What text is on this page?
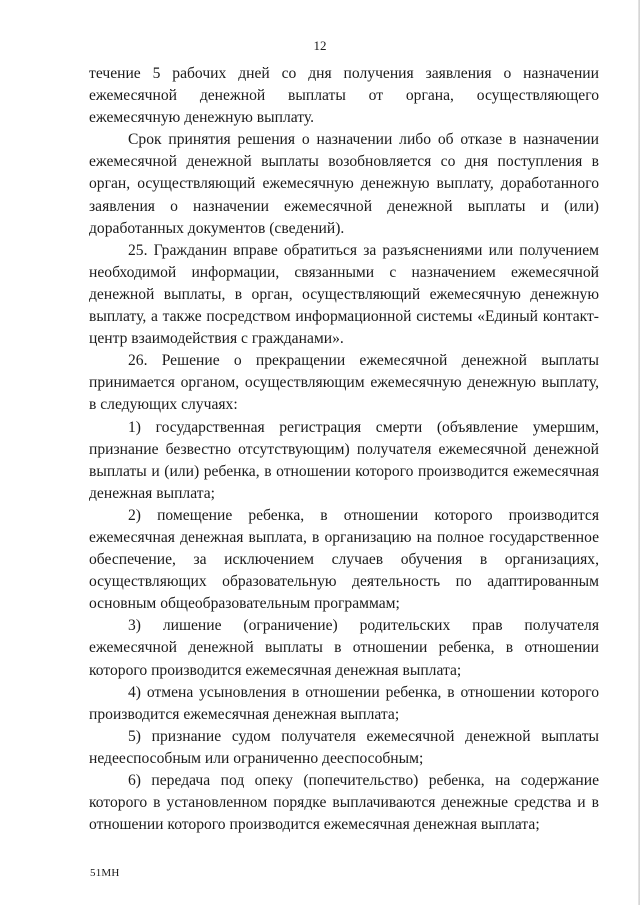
12

течение 5 рабочих дней со дня получения заявления о назначении ежемесячной денежной выплаты от органа, осуществляющего ежемесячную денежную выплату.

Срок принятия решения о назначении либо об отказе в назначении ежемесячной денежной выплаты возобновляется со дня поступления в орган, осуществляющий ежемесячную денежную выплату, доработанного заявления о назначении ежемесячной денежной выплаты и (или) доработанных документов (сведений).

25. Гражданин вправе обратиться за разъяснениями или получением необходимой информации, связанными с назначением ежемесячной денежной выплаты, в орган, осуществляющий ежемесячную денежную выплату, а также посредством информационной системы «Единый контакт-центр взаимодействия с гражданами».

26. Решение о прекращении ежемесячной денежной выплаты принимается органом, осуществляющим ежемесячную денежную выплату, в следующих случаях:

1) государственная регистрация смерти (объявление умершим, признание безвестно отсутствующим) получателя ежемесячной денежной выплаты и (или) ребенка, в отношении которого производится ежемесячная денежная выплата;

2) помещение ребенка, в отношении которого производится ежемесячная денежная выплата, в организацию на полное государственное обеспечение, за исключением случаев обучения в организациях, осуществляющих образовательную деятельность по адаптированным основным общеобразовательным программам;

3) лишение (ограничение) родительских прав получателя ежемесячной денежной выплаты в отношении ребенка, в отношении которого производится ежемесячная денежная выплата;

4) отмена усыновления в отношении ребенка, в отношении которого производится ежемесячная денежная выплата;

5) признание судом получателя ежемесячной денежной выплаты недееспособным или ограниченно дееспособным;

6) передача под опеку (попечительство) ребенка, на содержание которого в установленном порядке выплачиваются денежные средства и в отношении которого производится ежемесячная денежная выплата;

51МН
